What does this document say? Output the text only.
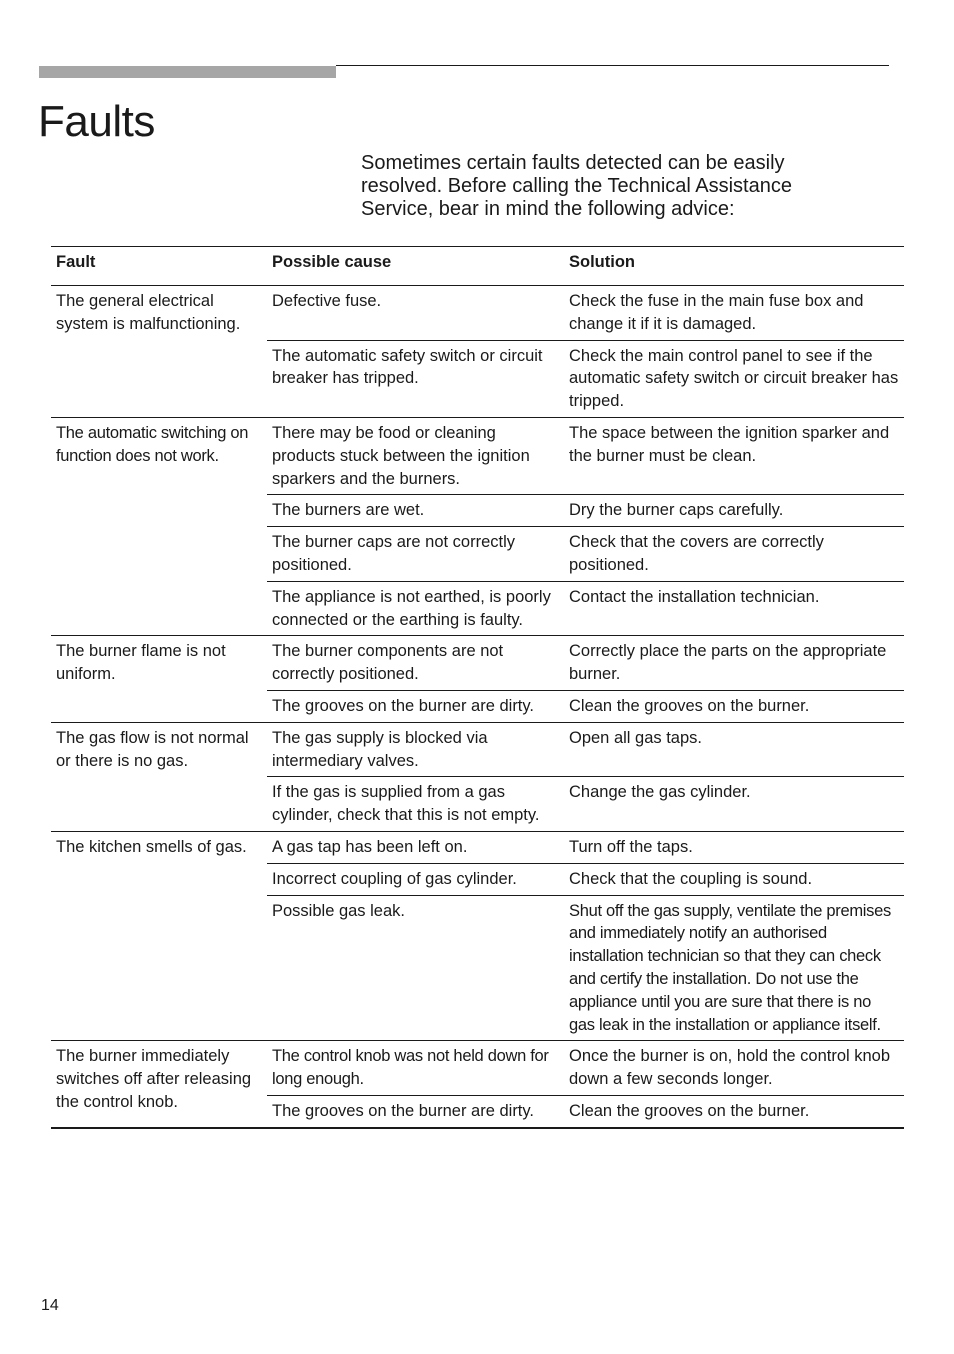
Faults

Sometimes certain faults detected can be easily resolved. Before calling the Technical Assistance Service, bear in mind the following advice:

Fault	Possible cause	Solution
The general electrical system is malfunctioning.	Defective fuse.	Check the fuse in the main fuse box and change it if it is damaged.
	The automatic safety switch or circuit breaker has tripped.	Check the main control panel to see if the automatic safety switch or circuit breaker has tripped.
The automatic switching on function does not work.	There may be food or cleaning products stuck between the ignition sparkers and the burners.	The space between the ignition sparker and the burner must be clean.
	The burners are wet.	Dry the burner caps carefully.
	The burner caps are not correctly positioned.	Check that the covers are correctly positioned.
	The appliance is not earthed, is poorly connected or the earthing is faulty.	Contact the installation technician.
The burner flame is not uniform.	The burner components are not correctly positioned.	Correctly place the parts on the appropriate burner.
	The grooves on the burner are dirty.	Clean the grooves on the burner.
The gas flow is not normal or there is no gas.	The gas supply is blocked via intermediary valves.	Open all gas taps.
	If the gas is supplied from a gas cylinder, check that this is not empty.	Change the gas cylinder.
The kitchen smells of gas.	A gas tap has been left on.	Turn off the taps.
	Incorrect coupling of gas cylinder.	Check that the coupling is sound.
	Possible gas leak.	Shut off the gas supply, ventilate the premises and immediately notify an authorised installation technician so that they can check and certify the installation. Do not use the appliance until you are sure that there is no gas leak in the installation or appliance itself.
The burner immediately switches off after releasing the control knob.	The control knob was not held down for long enough.	Once the burner is on, hold the control knob down a few seconds longer.
	The grooves on the burner are dirty.	Clean the grooves on the burner.
14
